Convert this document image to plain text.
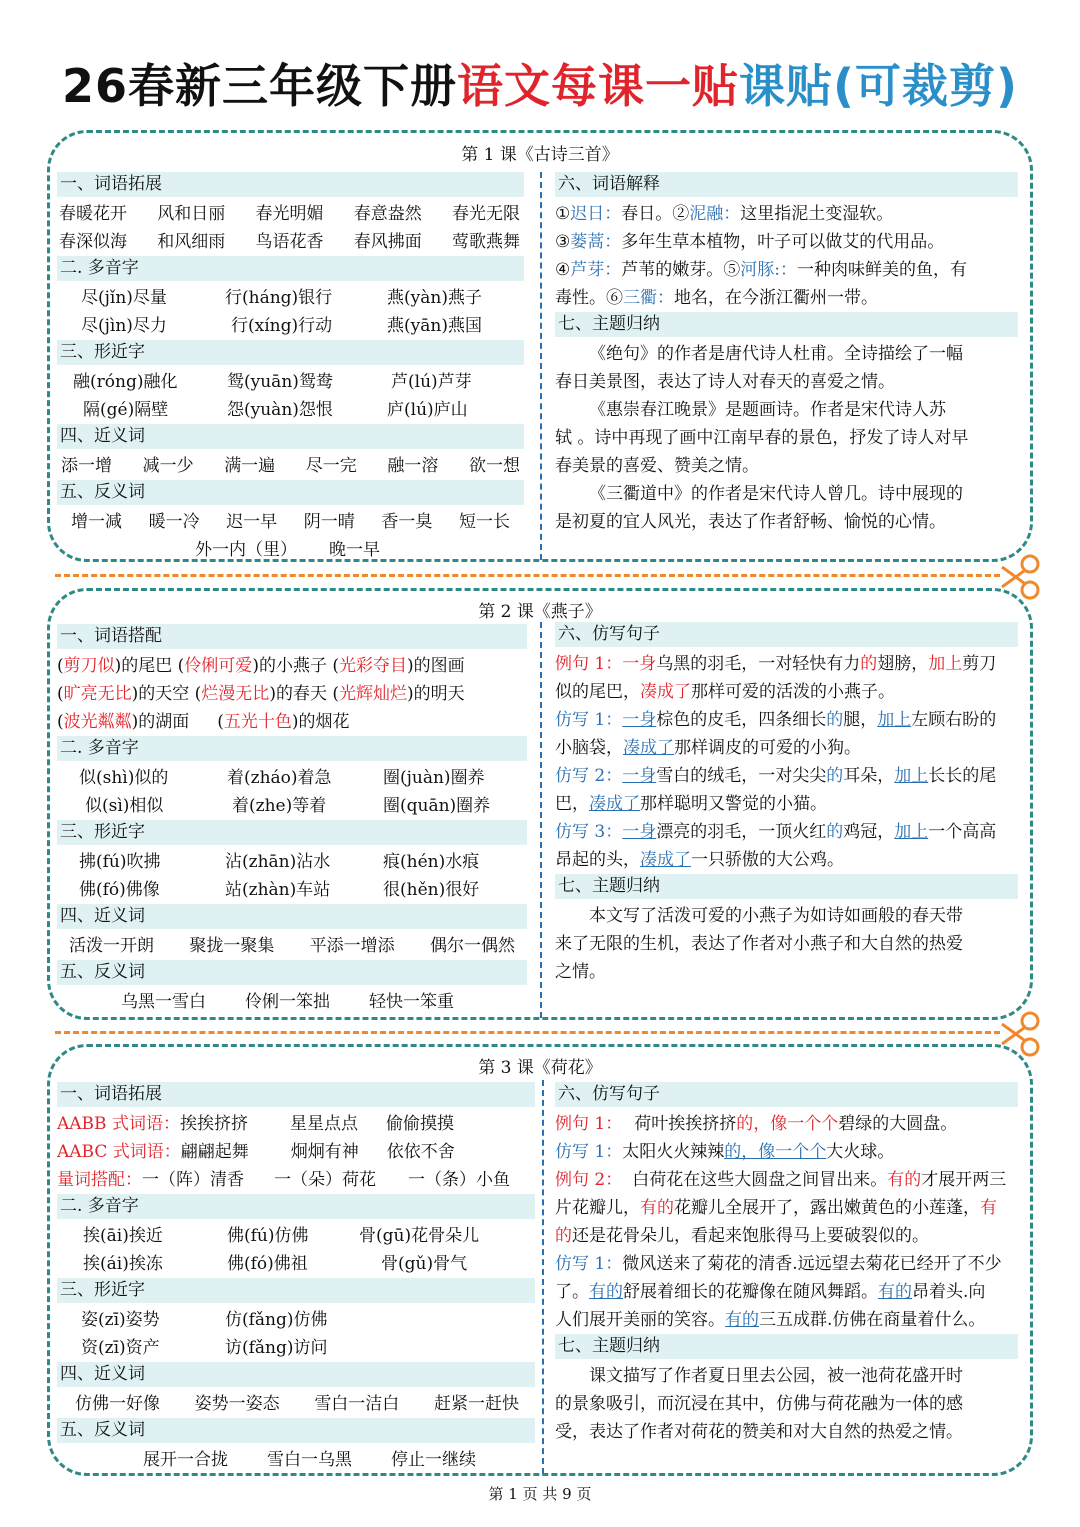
26春新三年级下册语文每课一贴课贴(可裁剪)
第 1 课《古诗三首》
一、词语拓展
春暖花开 风和日丽 春光明媚 春意盎然 春光无限
春深似海 和风细雨 鸟语花香 春风拂面 莺歌燕舞
二. 多音字
尽(jǐn)尽量	行(háng)银行	燕(yàn)燕子
尽(jìn)尽力	行(xíng)行动	燕(yān)燕国
三、形近字
融(róng)融化	鸳(yuān)鸳鸯	芦(lú)芦芽
隔(gé)隔壁	怨(yuàn)怨恨	庐(lú)庐山
四、近义词
添一增 减一少 满一遍 尽一完 融一溶 欲一想
五、反义词
增一减 暖一冷 迟一早 阴一晴 香一臭 短一长
外一内（里） 晚一早
六、词语解释
①迟日：春日。②泥融：这里指泥土变湿软。
③蒌蒿：多年生草本植物，叶子可以做艾的代用品。
④芦芽：芦苇的嫩芽。⑤河豚:：一种肉味鲜美的鱼，有
毒性。⑥三衢：地名，在今浙江衢州一带。
七、主题归纳
《绝句》的作者是唐代诗人杜甫。全诗描绘了一幅
春日美景图，表达了诗人对春天的喜爱之情。
《惠崇春江晚景》是题画诗。作者是宋代诗人苏
轼 。诗中再现了画中江南早春的景色，抒发了诗人对早
春美景的喜爱、赞美之情。
《三衢道中》的作者是宋代诗人曾几。诗中展现的
是初夏的宜人风光，表达了作者舒畅、愉悦的心情。
第 2 课《燕子》
一、词语搭配
(剪刀似)的尾巴 (伶俐可爱)的小燕子 (光彩夺目)的图画
(旷亮无比)的天空 (烂漫无比)的春天 (光辉灿烂)的明天
(波光粼粼)的湖面 (五光十色)的烟花
二. 多音字
似(shì)似的	着(zháo)着急	圈(juàn)圈养
似(sì)相似	着(zhe)等着	圈(quān)圈养
三、形近字
拂(fú)吹拂	沾(zhān)沾水	痕(hén)水痕
佛(fó)佛像	站(zhàn)车站	很(hěn)很好
四、近义词
活泼一开朗 聚拢一聚集 平添一增添 偶尔一偶然
五、反义词
乌黑一雪白 伶俐一笨拙 轻快一笨重
六、仿写句子
例句 1：一身乌黑的羽毛，一对轻快有力的翅膀，加上剪刀
似的尾巴，凑成了那样可爱的活泼的小燕子。
仿写 1：一身棕色的皮毛，四条细长的腿，加上左顾右盼的
小脑袋，凑成了那样调皮的可爱的小狗。
仿写 2：一身雪白的绒毛，一对尖尖的耳朵，加上长长的尾
巴，凑成了那样聪明又警觉的小猫。
仿写 3：一身漂亮的羽毛，一顶火红的鸡冠，加上一个高高
昂起的头，凑成了一只骄傲的大公鸡。
七、主题归纳
本文写了活泼可爱的小燕子为如诗如画般的春天带
来了无限的生机，表达了作者对小燕子和大自然的热爱
之情。
第 3 课《荷花》
一、词语拓展
AABB 式词语：挨挨挤挤 星星点点 偷偷摸摸
AABC 式词语：翩翩起舞 炯炯有神 依依不舍
量词搭配：一（阵）清香 一（朵）荷花 一（条）小鱼
二. 多音字
挨(āi)挨近	佛(fú)仿佛	骨(gū)花骨朵儿
挨(ái)挨冻	佛(fó)佛祖	骨(gǔ)骨气
三、形近字
姿(zī)姿势	仿(fǎng)仿佛
资(zī)资产	访(fǎng)访问
四、近义词
仿佛一好像 姿势一姿态 雪白一洁白 赶紧一赶快
五、反义词
展开一合拢 雪白一乌黑 停止一继续
六、仿写句子
例句 1： 荷叶挨挨挤挤的，像一个个碧绿的大圆盘。
仿写 1：太阳火火辣辣的，像一个个大火球。
例句 2： 白荷花在这些大圆盘之间冒出来。有的才展开两三
片花瓣儿，有的花瓣儿全展开了，露出嫩黄色的小莲蓬，有
的还是花骨朵儿，看起来饱胀得马上要破裂似的。
仿写 1：微风送来了菊花的清香.远远望去菊花已经开了不少
了。有的舒展着细长的花瓣像在随风舞蹈。有的昂着头.向
人们展开美丽的笑容。有的三五成群.仿佛在商量着什么。
七、主题归纳
课文描写了作者夏日里去公园，被一池荷花盛开时
的景象吸引，而沉浸在其中，仿佛与荷花融为一体的感
受，表达了作者对荷花的赞美和对大自然的热爱之情。
第 1 页 共 9 页
